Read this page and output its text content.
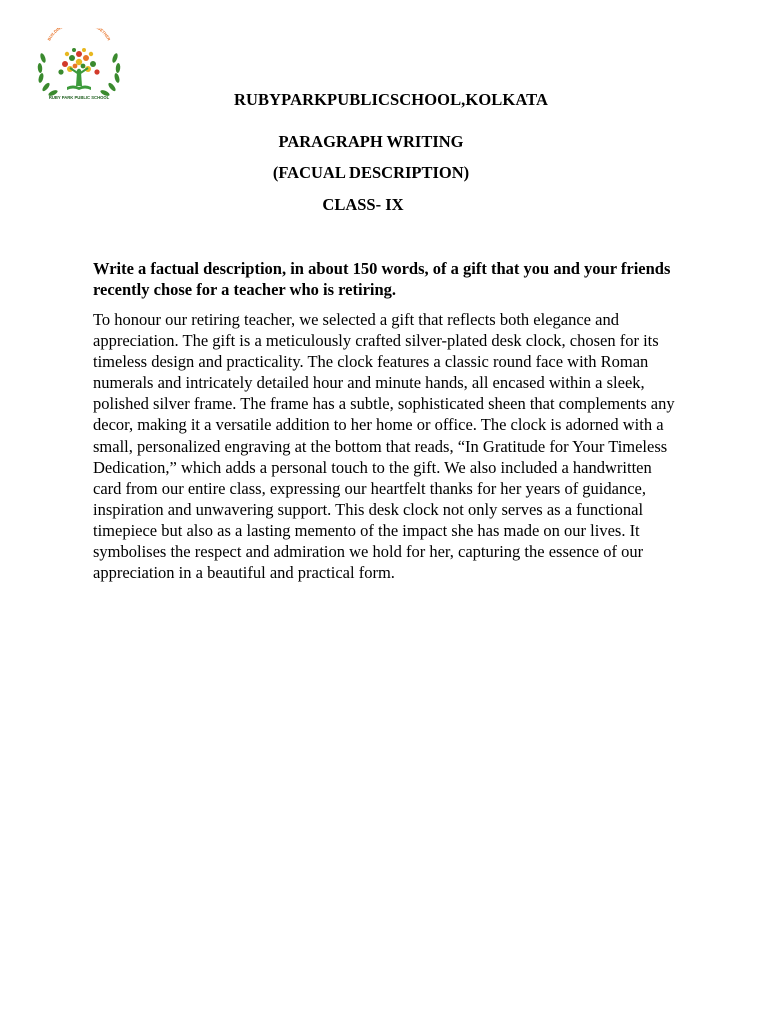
BUILDIN GETHER
RUBY PARK PUBLIC SCHOOL	RUBYPARKPUBLICSCHOOL,KOLKATA
PARAGRAPH WRITING
(FACUAL DESCRIPTION)
CLASS- IX
Write a factual description, in about 150 words, of a gift that you and your friends recently chose for a teacher who is retiring.
To honour our retiring teacher, we selected a gift that reflects both elegance and appreciation. The gift is a meticulously crafted silver-plated desk clock, chosen for its timeless design and practicality. The clock features a classic round face with Roman numerals and intricately detailed hour and minute hands, all encased within a sleek, polished silver frame. The frame has a subtle, sophisticated sheen that complements any decor, making it a versatile addition to her home or office. The clock is adorned with a small, personalized engraving at the bottom that reads, “In Gratitude for Your Timeless Dedication,” which adds a personal touch to the gift. We also included a handwritten card from our entire class, expressing our heartfelt thanks for her years of guidance, inspiration and unwavering support. This desk clock not only serves as a functional timepiece but also as a lasting memento of the impact she has made on our lives. It symbolises the respect and admiration we hold for her, capturing the essence of our appreciation in a beautiful and practical form.
